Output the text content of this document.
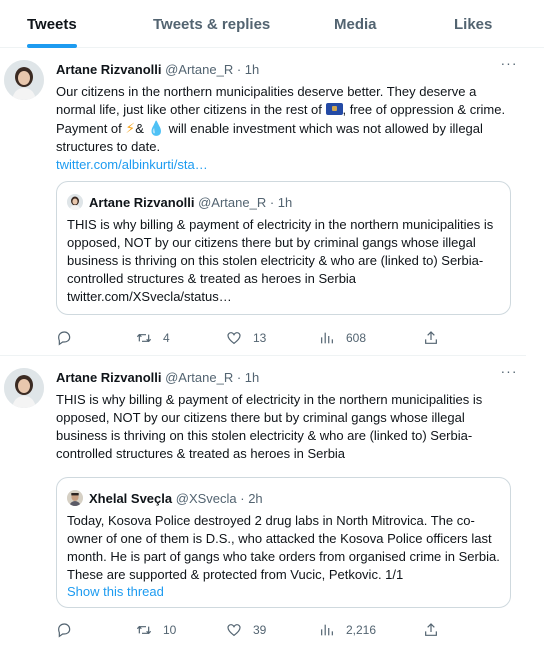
Tweets	Tweets & replies	Media	Likes
Artane Rizvanolli @Artane_R · 1h	···
Our citizens in the northern municipalities deserve better. They deserve a normal life, just like other citizens in the rest of , free of oppression & crime. Payment of ⚡& 💧 will enable investment which was not allowed by illegal structures to date.
twitter.com/albinkurti/sta…
Artane Rizvanolli @Artane_R · 1h
THIS is why billing & payment of electricity in the northern municipalities is opposed, NOT by our citizens there but by criminal gangs whose illegal business is thriving on this stolen electricity & who are (linked to) Serbia-controlled structures & treated as heroes in Serbia
twitter.com/XSvecla/status…
4	13	608
Artane Rizvanolli @Artane_R · 1h	···
THIS is why billing & payment of electricity in the northern municipalities is opposed, NOT by our citizens there but by criminal gangs whose illegal business is thriving on this stolen electricity & who are (linked to) Serbia-controlled structures & treated as heroes in Serbia
Xhelal Sveçla @XSvecla · 2h
Today, Kosova Police destroyed 2 drug labs in North Mitrovica. The co-owner of one of them is D.S., who attacked the Kosova Police officers last month. He is part of gangs who take orders from organised crime in Serbia. These are supported & protected from Vucic, Petkovic. 1/1
Show this thread
10	39	2,216
